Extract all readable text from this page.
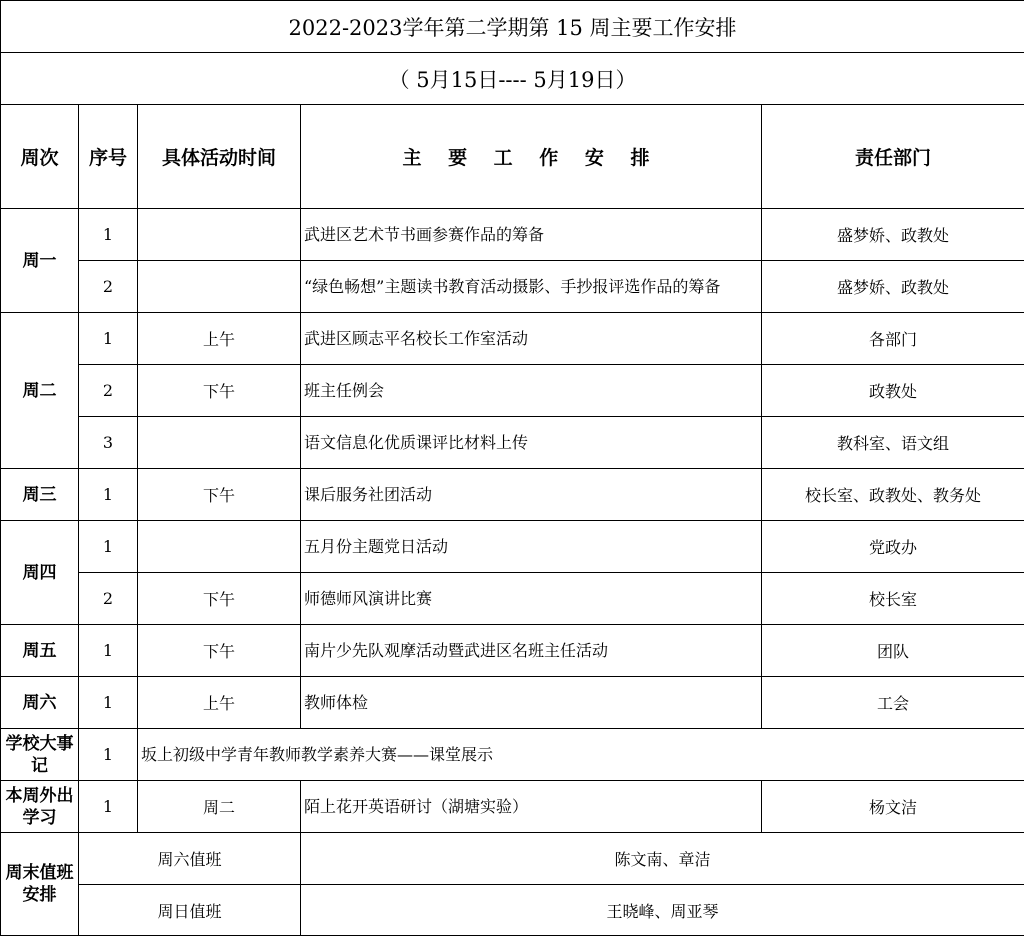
2022-2023学年第二学期第 15 周主要工作安排				
（ 5月15日---- 5月19日）				
周次	序号	具体活动时间	主 要 工 作 安 排	责任部门
周一	1		武进区艺术节书画参赛作品的筹备	盛梦娇、政教处
	2		“绿色畅想”主题读书教育活动摄影、手抄报评选作品的筹备	盛梦娇、政教处
周二	1	上午	武进区顾志平名校长工作室活动	各部门
	2	下午	班主任例会	政教处
	3		语文信息化优质课评比材料上传	教科室、语文组
周三	1	下午	课后服务社团活动	校长室、政教处、教务处
周四	1		五月份主题党日活动	党政办
	2	下午	师德师风演讲比赛	校长室
周五	1	下午	南片少先队观摩活动暨武进区名班主任活动	团队
周六	1	上午	教师体检	工会
学校大事记	1	坂上初级中学青年教师教学素养大赛——课堂展示		
本周外出学习	1	周二	陌上花开英语研讨（湖塘实验）	杨文洁
周末值班安排	周六值班		陈文南、章洁	
	周日值班		王晓峰、周亚琴	
